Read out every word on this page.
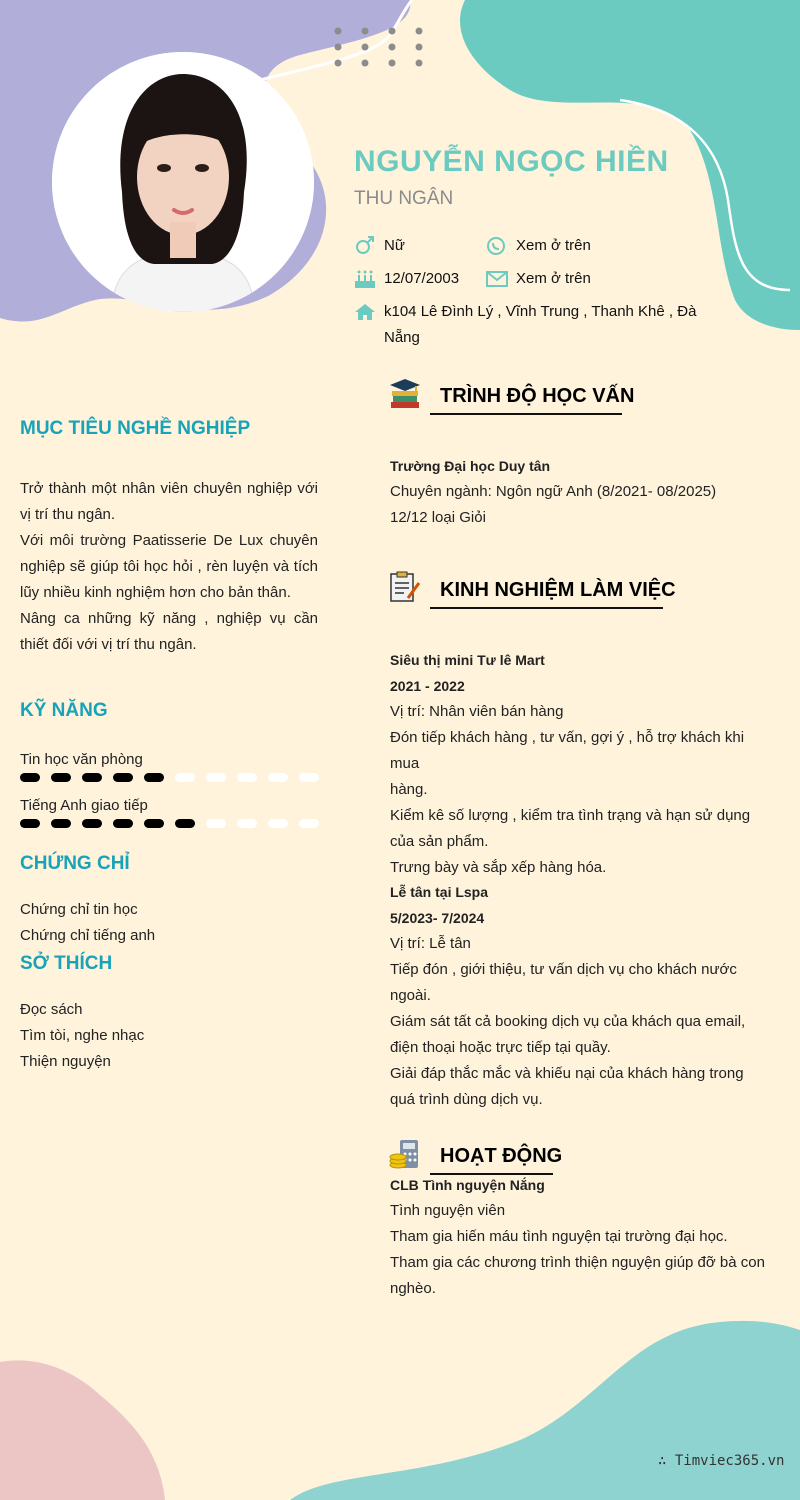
NGUYỄN NGỌC HIỀN
THU NGÂN
Nữ	Xem ở trên
12/07/2003	Xem ở trên
k104 Lê Đình Lý , Vĩnh Trung , Thanh Khê , Đà
Nẵng
MỤC TIÊU NGHỀ NGHIỆP

Trở thành một nhân viên chuyên nghiệp với vị trí thu ngân.

Với môi trường Paatisserie De Lux chuyên nghiệp sẽ giúp tôi học hỏi , rèn luyện và tích lũy nhiều kinh nghiệm hơn cho bản thân.

Nâng ca những kỹ năng , nghiệp vụ cần thiết đối với vị trí thu ngân.

KỸ NĂNG
Tin học văn phòng
Tiếng Anh giao tiếp
CHỨNG CHỈ
Chứng chỉ tin học
Chứng chỉ tiếng anh
SỞ THÍCH
Đọc sách
Tìm tòi, nghe nhạc
Thiện nguyện
TRÌNH ĐỘ HỌC VẤN
Trường Đại học Duy tân
Chuyên ngành: Ngôn ngữ Anh (8/2021- 08/2025)
12/12 loại Giỏi
KINH NGHIỆM LÀM VIỆC
Siêu thị mini Tư lê Mart
2021 - 2022
Vị trí: Nhân viên bán hàng
Đón tiếp khách hàng , tư vấn, gợi ý , hỗ trợ khách khi mua
hàng.
Kiểm kê số lượng , kiểm tra tình trạng và hạn sử dụng
của sản phẩm.
Trưng bày và sắp xếp hàng hóa.
Lễ tân tại Lspa
5/2023- 7/2024
Vị trí: Lễ tân
Tiếp đón , giới thiệu, tư vấn dịch vụ cho khách nước
ngoài.
Giám sát tất cả booking dịch vụ của khách qua email,
điện thoại hoặc trực tiếp tại quầy.
Giải đáp thắc mắc và khiếu nại của khách hàng trong
quá trình dùng dịch vụ.
HOẠT ĐỘNG
CLB Tình nguyện Nắng
Tình nguyện viên
Tham gia hiến máu tình nguyện tại trường đại học.
Tham gia các chương trình thiện nguyện giúp đỡ bà con
nghèo.
∴ Timviec365.vn
